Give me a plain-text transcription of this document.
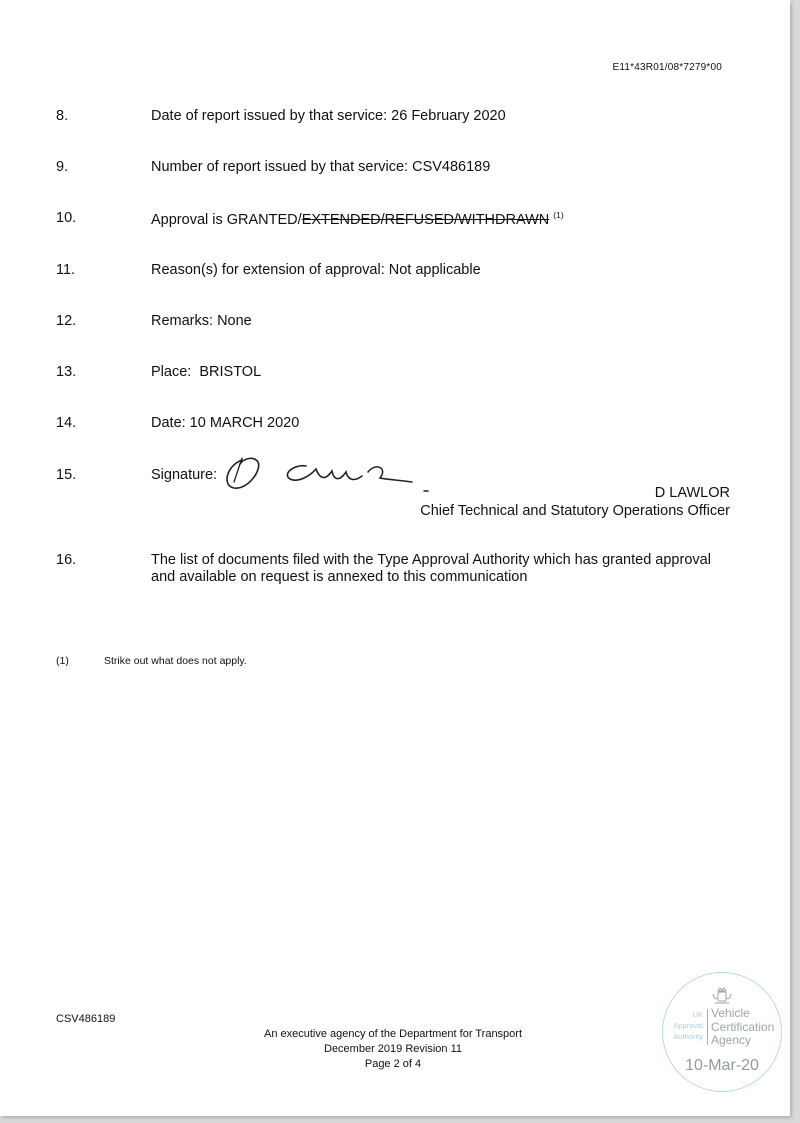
E11*43R01/08*7279*00
8.	Date of report issued by that service: 26 February 2020
9.	Number of report issued by that service: CSV486189
10.	Approval is GRANTED/EXTENDED/REFUSED/WITHDRAWN $^{(1)}$
11.	Reason(s) for extension of approval: Not applicable
12.	Remarks: None
13.	Place:  BRISTOL
14.	Date: 10 MARCH 2020
15.	Signature:
D LAWLOR
Chief Technical and Statutory Operations Officer
16.	The list of documents filed with the Type Approval Authority which has granted approval and available on request is annexed to this communication
(1)	Strike out what does not apply.
CSV486189
An executive agency of the Department for Transport
December 2019 Revision 11
Page 2 of 4
UK
Approval
Authority
Vehicle
Certification
Agency
10-Mar-20
